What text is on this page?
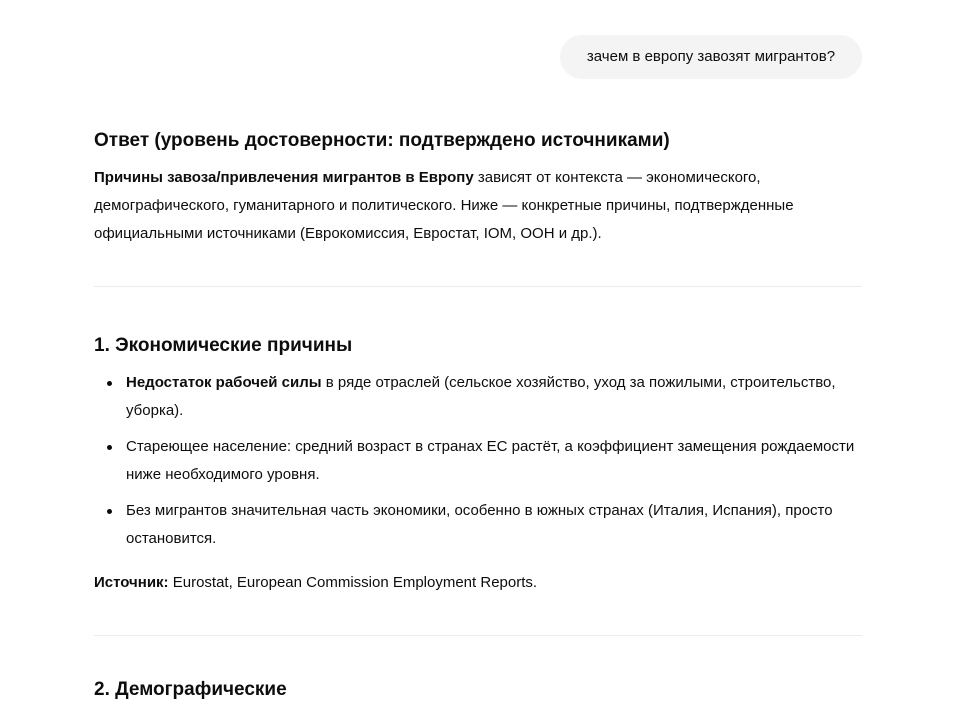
зачем в европу завозят мигрантов?
Ответ (уровень достоверности: подтверждено источниками)

Причины завоза/привлечения мигрантов в Европу зависят от контекста — экономического, демографического, гуманитарного и политического. Ниже — конкретные причины, подтвержденные официальными источниками (Еврокомиссия, Евростат, IOM, ООН и др.).

1. Экономические причины
Недостаток рабочей силы в ряде отраслей (сельское хозяйство, уход за пожилыми, строительство, уборка).
Стареющее население: средний возраст в странах ЕС растёт, а коэффициент замещения рождаемости ниже необходимого уровня.
Без мигрантов значительная часть экономики, особенно в южных странах (Италия, Испания), просто остановится.

Источник: Eurostat, European Commission Employment Reports.

2. Демографические
